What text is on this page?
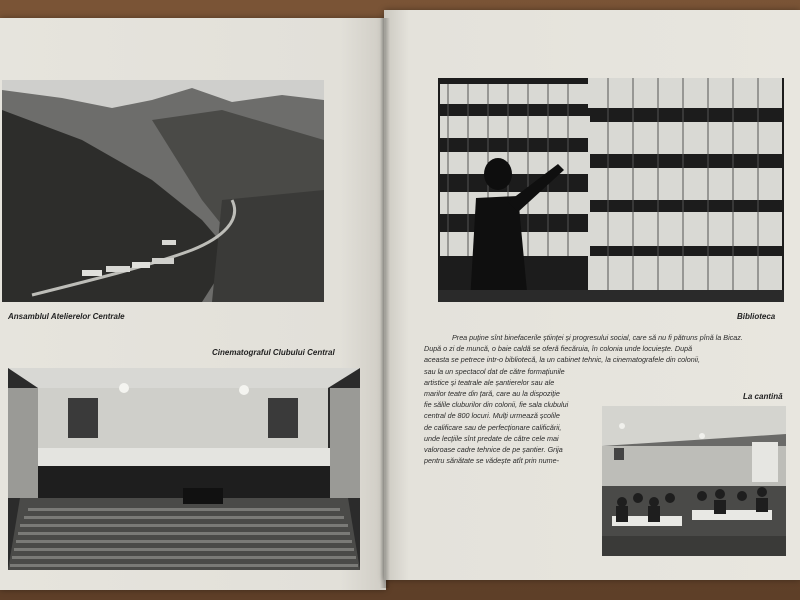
Ansamblul Atelierelor Centrale
Cinematograful Clubului Central
Biblioteca
Prea puține sînt binefacerile științei și progresului social, care să nu fi pătruns pînă la Bicaz.
După o zi de muncă, o baie caldă se oferă fiecăruia, în colonia unde locuiește. După
aceasta se petrece intr-o bibliotecă, la un cabinet tehnic, la cinematografele din colonii,
sau la un spectacol dat de către formațiunile
artistice și teatrale ale șantierelor sau ale
marilor teatre din țară, care au la dispoziție
fie sălile cluburilor din colonii, fie sala clubului
central de 800 locuri. Mulți urmează școlile
de calificare sau de perfecționare calificării,
unde lecțiile sînt predate de către cele mai
valoroase cadre tehnice de pe șantier. Grija
pentru sănătate se vădește atît prin nume-
La cantină
